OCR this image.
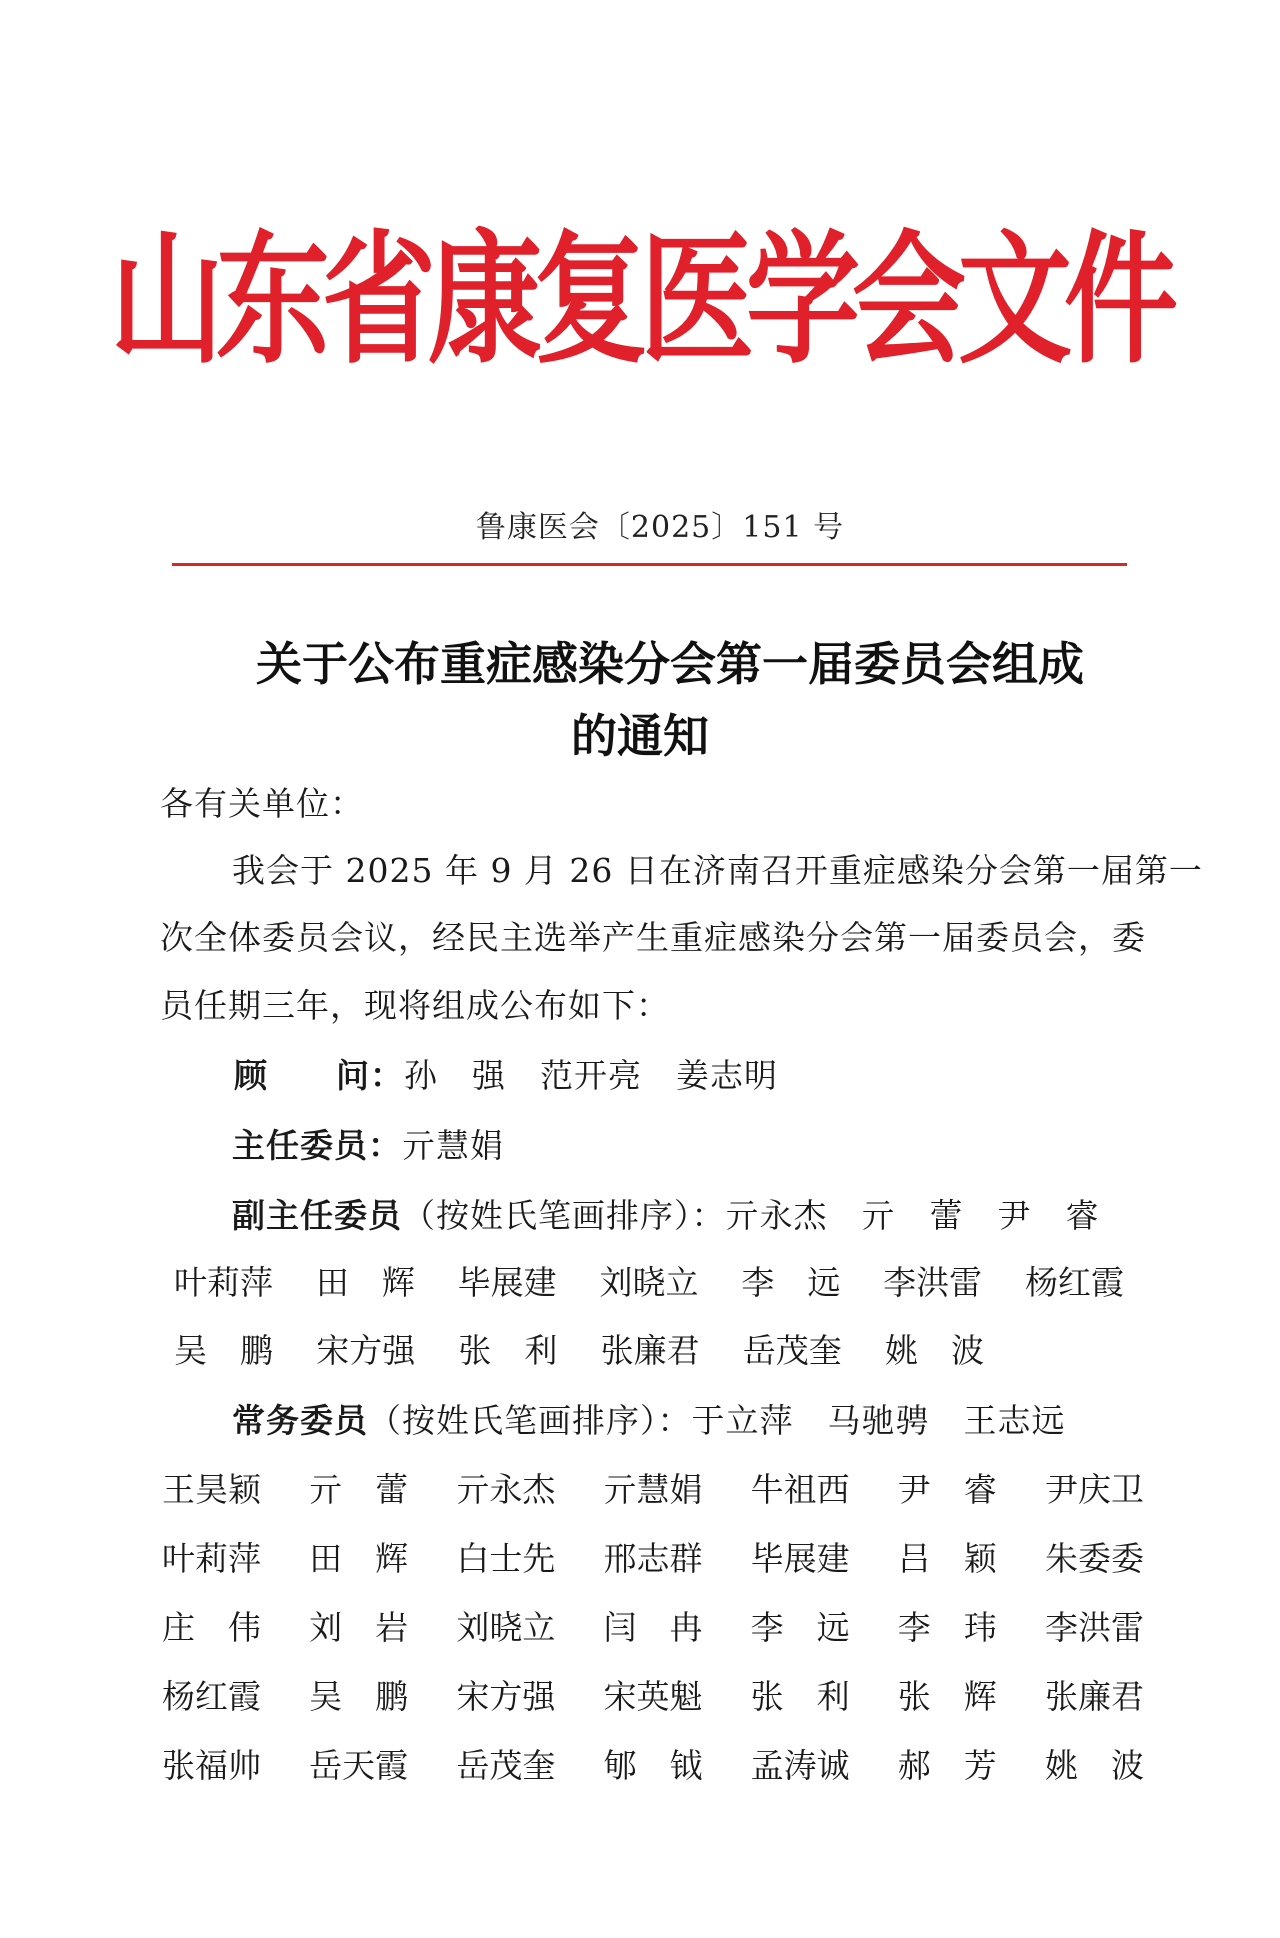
山东省康复医学会文件
鲁康医会〔2025〕151 号
关于公布重症感染分会第一届委员会组成
的通知
各有关单位：
我会于 2025 年 9 月 26 日在济南召开重症感染分会第一届第一
次全体委员会议，经民主选举产生重症感染分会第一届委员会，委
员任期三年，现将组成公布如下：
顾　　问：孙　强　范开亮　姜志明
主任委员：亓慧娟
副主任委员（按姓氏笔画排序）：亓永杰　亓　蕾　尹　睿
叶莉萍 田　辉 毕展建 刘晓立 李　远 李洪雷 杨红霞
吴　鹏 宋方强 张　利 张廉君 岳茂奎 姚　波
常务委员（按姓氏笔画排序）：于立萍　马驰骋　王志远
王昊颖 亓　蕾 亓永杰 亓慧娟 牛祖西 尹　睿 尹庆卫
叶莉萍 田　辉 白士先 邢志群 毕展建 吕　颖 朱委委
庄　伟 刘　岩 刘晓立 闫　冉 李　远 李　玮 李洪雷
杨红霞 吴　鹏 宋方强 宋英魁 张　利 张　辉 张廉君
张福帅 岳天霞 岳茂奎 郇　钺 孟涛诚 郝　芳 姚　波
